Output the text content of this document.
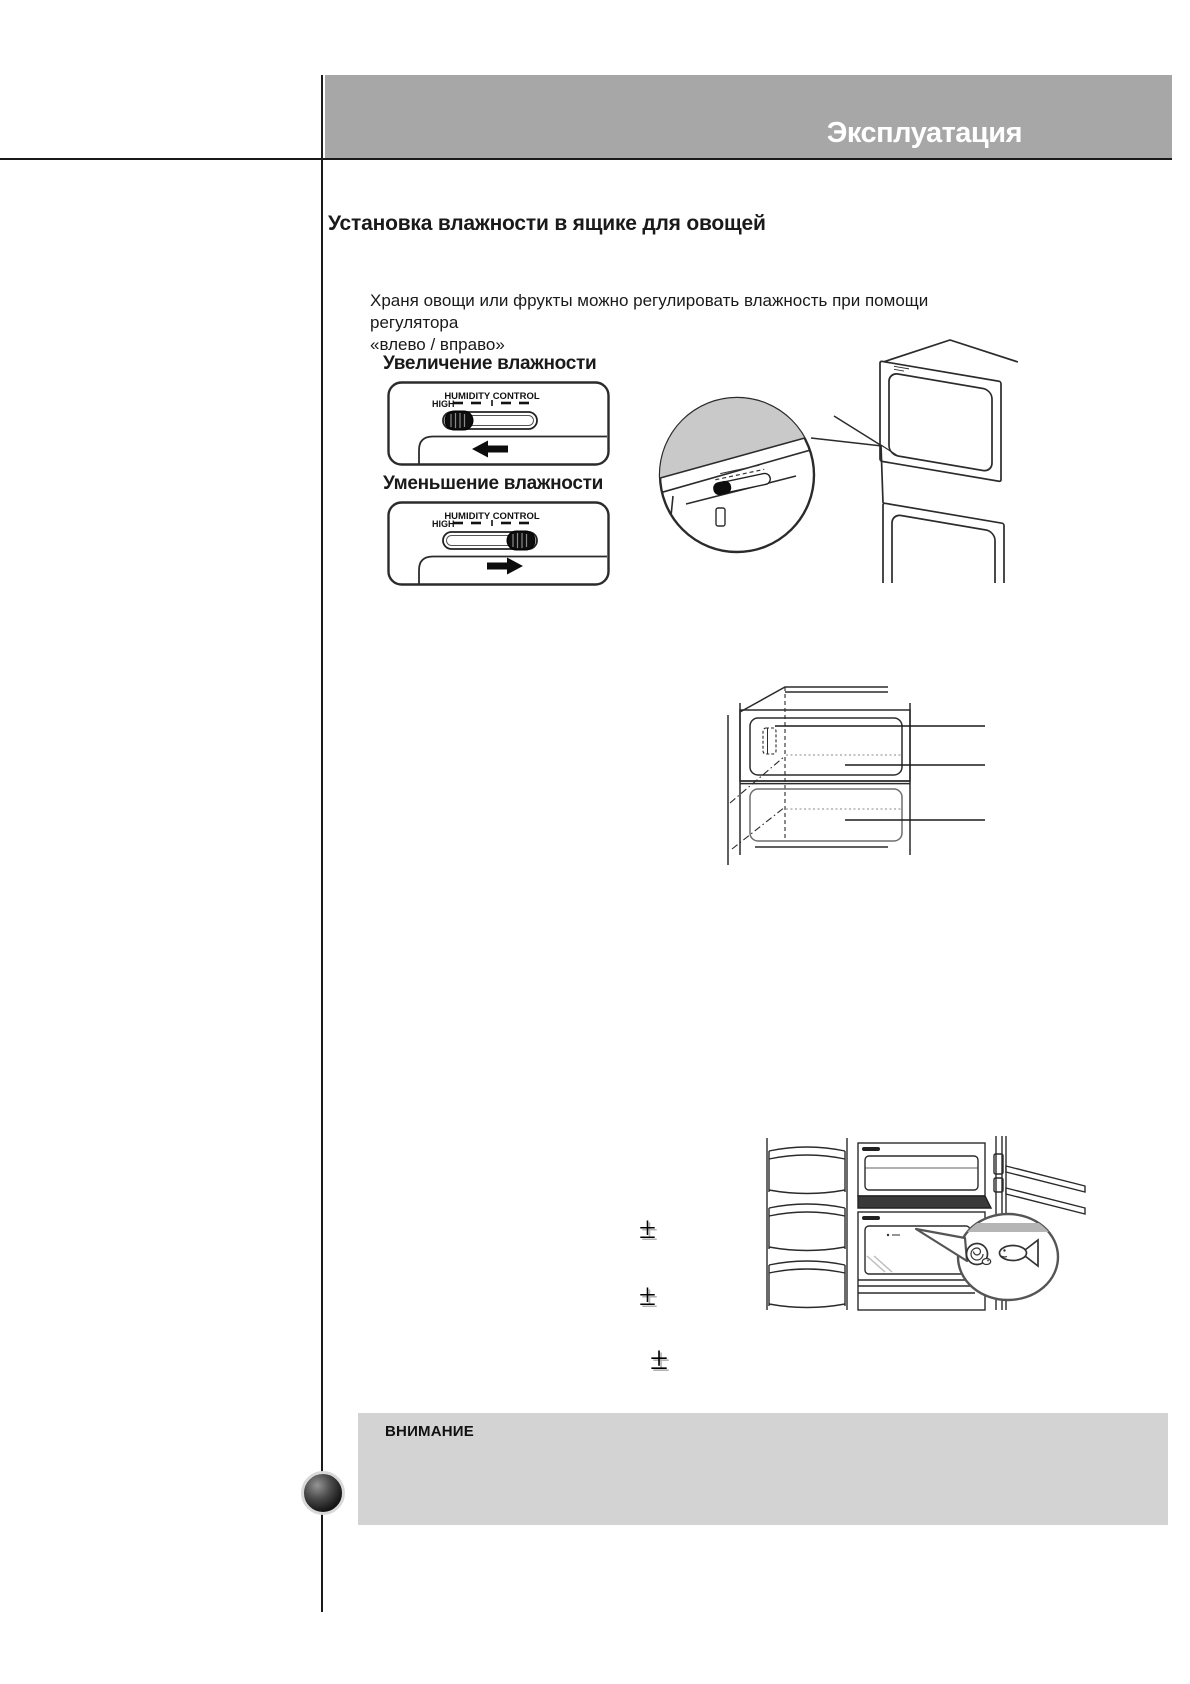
Эксплуатация
Установка влажности в ящике для овощей
Храня овощи или фрукты можно регулировать влажность при помощи регулятора
«влево / вправо»
Увеличение влажности
HUMIDITY CONTROL
HIGH
Уменьшение влажности
HUMIDITY CONTROL
HIGH
±
±
±
ВНИМАНИЕ
